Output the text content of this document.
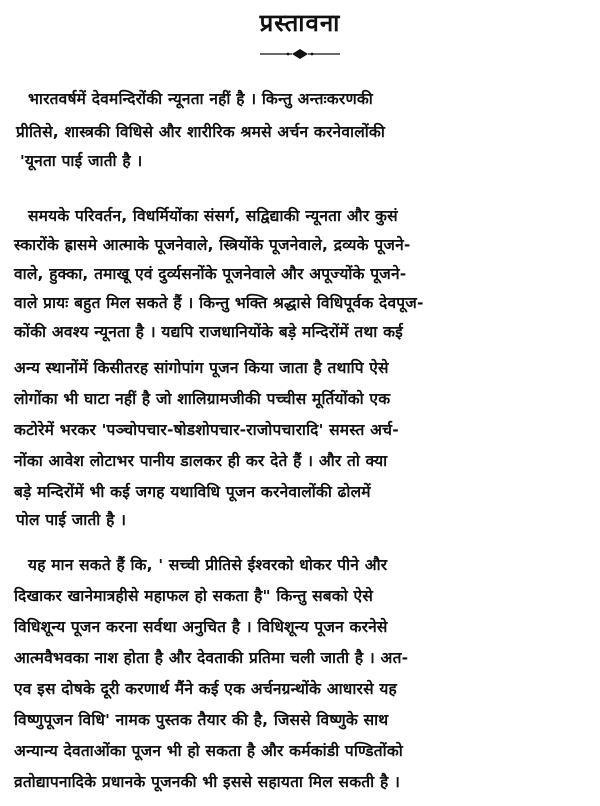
प्रस्तावना
भारतवर्षमें देवमन्दिरोंकी न्यूनता नहीं है । किन्तु अन्तःकरणकी
प्रीतिसे, शास्त्रकी विधिसे और शारीरिक श्रमसे अर्चन करनेवालोंकी
'यूनता पाई जाती है ।
समयके परिवर्तन, विधर्मियोंका संसर्ग, सद्विद्याकी न्यूनता और कुसं
स्कारोंके ह्रासमे आत्माके पूजनेवाले, स्त्रियोंके पूजनेवाले, द्रव्यके पूजने-
वाले, हुक्का, तमाखू एवं दुर्व्यसनोंके पूजनेवाले और अपूज्योंके पूजने-
वाले प्रायः बहुत मिल सकते हैं । किन्तु भक्ति श्रद्धासे विधिपूर्वक देवपूज-
कोंकी अवश्य न्यूनता है । यद्यपि राजधानियोंके बड़े मन्दिरोंमें तथा कई
अन्य स्थानोंमें किसीतरह सांगोपांग पूजन किया जाता है तथापि ऐसे
लोगोंका भी घाटा नहीं है जो शालिग्रामजीकी पच्चीस मूर्तियोंको एक
कटोरेमें भरकर 'पञ्चोपचार-षोडशोपचार-राजोपचारादि' समस्त अर्च-
नोंका आवेश लोटाभर पानीय डालकर ही कर देते हैं । और तो क्या
बड़े मन्दिरोंमें भी कई जगह यथाविधि पूजन करनेवालोंकी ढोलमें
पोल पाई जाती है ।
यह मान सकते हैं कि, ' सच्ची प्रीतिसे ईश्वरको धोकर पीने और
दिखाकर खानेमात्रहीसे महाफल हो सकता है" किन्तु सबको ऐसे
विधिशून्य पूजन करना सर्वथा अनुचित है । विधिशून्य पूजन करनेसे
आत्मवैभवका नाश होता है और देवताकी प्रतिमा चली जाती है । अत-
एव इस दोषके दूरी करणार्थ मैंने कई एक अर्चनग्रन्थोंके आधारसे यह
विष्णुपूजन विधि' नामक पुस्तक तैयार की है, जिससे विष्णुके साथ
अन्यान्य देवताओंका पूजन भी हो सकता है और कर्मकांडी पण्डितोंको
व्रतोद्यापनादिके प्रधानके पूजनकी भी इससे सहायता मिल सकती है ।
